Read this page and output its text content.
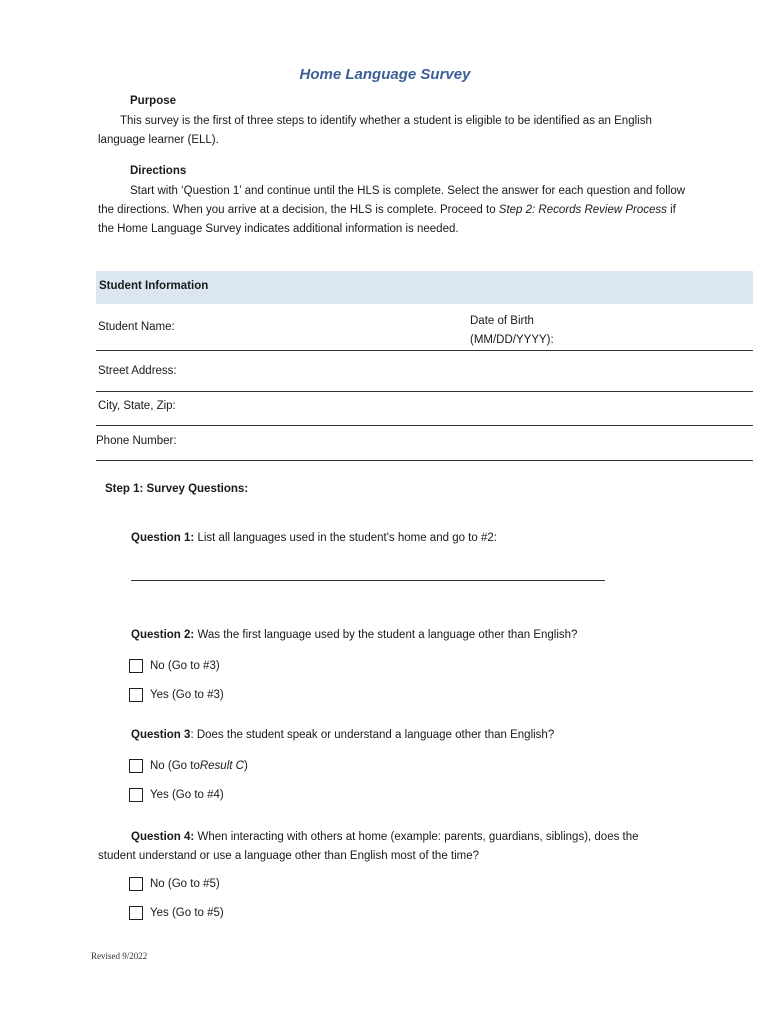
Home Language Survey
Purpose
This survey is the first of three steps to identify whether a student is eligible to be identified as an English language learner (ELL).
Directions
Start with ‘Question 1’ and continue until the HLS is complete. Select the answer for each question and follow the directions. When you arrive at a decision, the HLS is complete. Proceed to Step 2: Records Review Process if the Home Language Survey indicates additional information is needed.
Student Information
Student Name:	Date of Birth
(MM/DD/YYYY):
Street Address:
City, State, Zip:
Phone Number:
Step 1: Survey Questions:
Question 1: List all languages used in the student's home and go to #2:
Question 2: Was the first language used by the student a language other than English?
No (Go to #3)
Yes (Go to #3)
Question 3: Does the student speak or understand a language other than English?
No (Go to Result C )
Yes (Go to #4)
Question 4: When interacting with others at home (example: parents, guardians, siblings), does the student understand or use a language other than English most of the time?
No (Go to #5)
Yes (Go to #5)
Revised 9/2022
